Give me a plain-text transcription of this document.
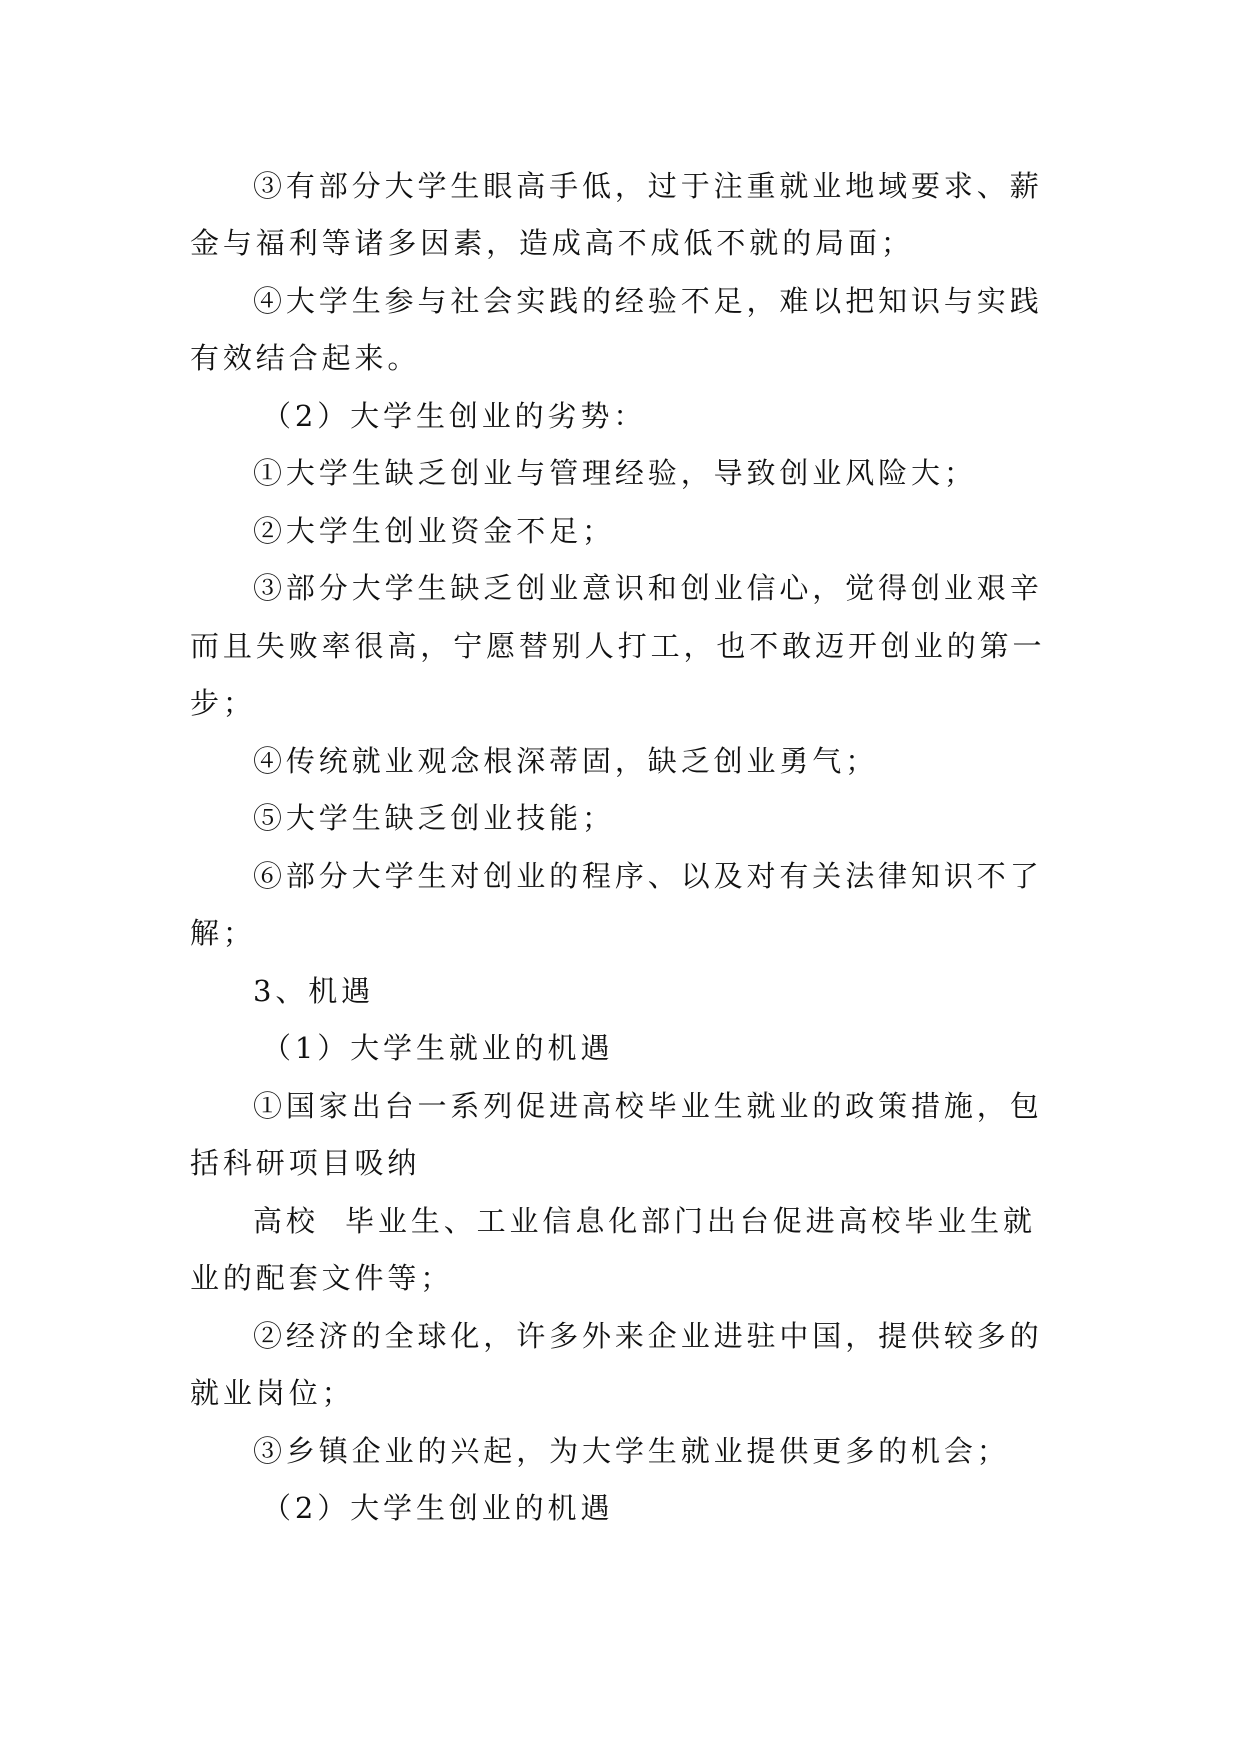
③有部分大学生眼高手低，过于注重就业地域要求、薪
金与福利等诸多因素，造成高不成低不就的局面；
④大学生参与社会实践的经验不足，难以把知识与实践
有效结合起来。
（2）大学生创业的劣势：
①大学生缺乏创业与管理经验，导致创业风险大；
②大学生创业资金不足；
③部分大学生缺乏创业意识和创业信心，觉得创业艰辛
而且失败率很高，宁愿替别人打工，也不敢迈开创业的第一
步；
④传统就业观念根深蒂固，缺乏创业勇气；
⑤大学生缺乏创业技能；
⑥部分大学生对创业的程序、以及对有关法律知识不了
解；
3、机遇
（1）大学生就业的机遇
①国家出台一系列促进高校毕业生就业的政策措施，包
括科研项目吸纳
高校  毕业生、工业信息化部门出台促进高校毕业生就
业的配套文件等；
②经济的全球化，许多外来企业进驻中国，提供较多的
就业岗位；
③乡镇企业的兴起，为大学生就业提供更多的机会；
（2）大学生创业的机遇
